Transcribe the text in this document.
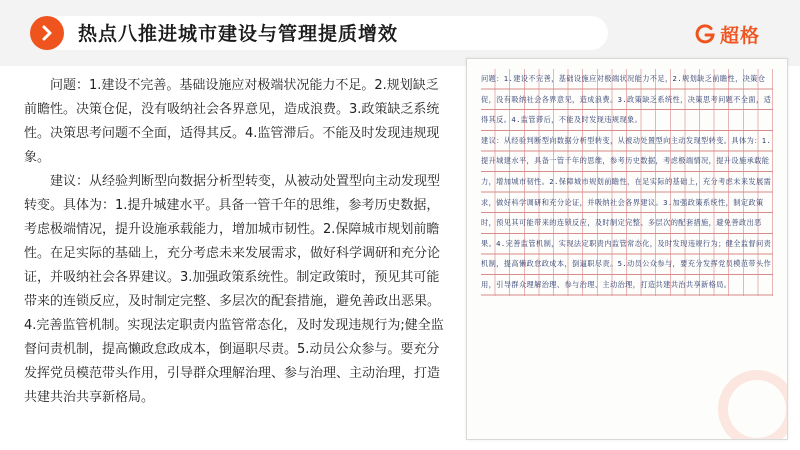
热点八推进城市建设与管理提质增效	超格

问题：1.建设不完善。基础设施应对极端状况能力不足。2.规划缺乏前瞻性。决策仓促，没有吸纳社会各界意见，造成浪费。3.政策缺乏系统性。决策思考问题不全面，适得其反。4.监管滞后。不能及时发现违规现象。

建议：从经验判断型向数据分析型转变，从被动处置型向主动发现型转变。具体为：1.提升城建水平。具备一管千年的思维，参考历史数据，考虑极端情况，提升设施承载能力，增加城市韧性。2.保障城市规划前瞻性。在足实际的基础上，充分考虑未来发展需求，做好科学调研和充分论证，并吸纳社会各界建议。3.加强政策系统性。制定政策时，预见其可能带来的连锁反应，及时制定完整、多层次的配套措施，避免善政出恶果。4.完善监管机制。实现法定职责内监管常态化，及时发现违规行为;健全监督问责机制，提高懒政怠政成本，倒逼职尽责。5.动员公众参与。要充分发挥党员模范带头作用，引导群众理解治理、参与治理、主动治理，打造共建共治共享新格局。

问题：1.建设不完善，基础设施应对极端状况能力不足，2.规划缺乏前瞻性，决策仓促，没有吸纳社会各界意见，造成浪费。3.政策缺乏系统性，决策思考问题不全面，适得其反。4.监管滞后，不能及时发现违规现象。

建议：从经验判断型向数据分析型转变，从被动处置型向主动发现型转变。具体为：1.提升城建水平，具备一管千年的思维，参考历史数据，考虑极端情况，提升设施承载能力，增加城市韧性。2.保障城市规划前瞻性，在足实际的基础上，充分考虑未来发展需求，做好科学调研和充分论证，并吸纳社会各界建议。3.加强政策系统性，制定政策时，预见其可能带来的连锁反应，及时制定完整、多层次的配套措施，避免善政出恶果。4.完善监管机制，实现法定职责内监管常态化，及时发现违规行为；健全监督问责机制，提高懒政怠政成本，倒逼职尽责。5.动员公众参与，要充分发挥党员模范带头作用，引导群众理解治理、参与治理、主动治理，打造共建共治共享新格局。
